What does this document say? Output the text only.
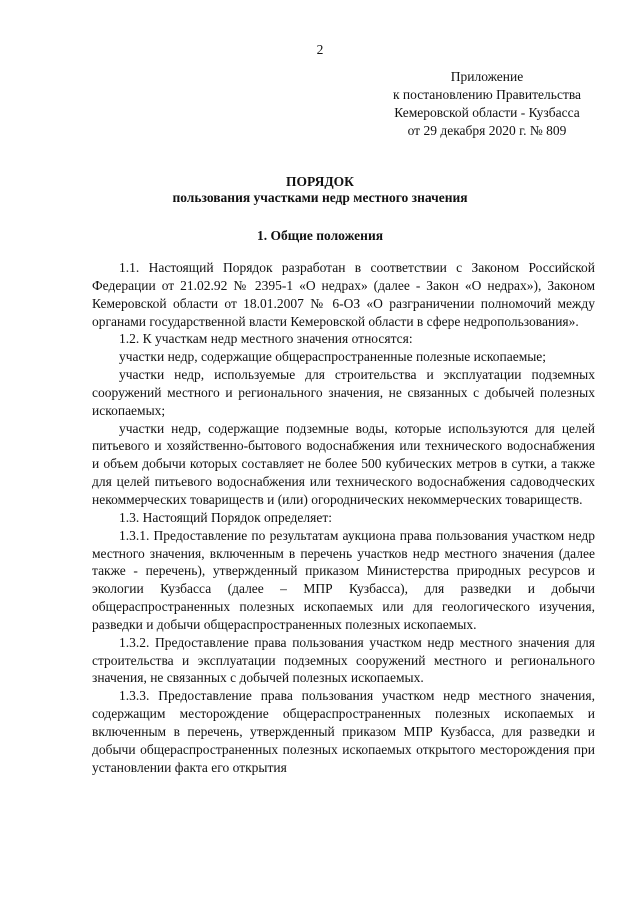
2
Приложение
к постановлению Правительства
Кемеровской области - Кузбасса
от 29 декабря 2020 г. № 809
ПОРЯДОК
пользования участками недр местного значения
1. Общие положения

1.1. Настоящий Порядок разработан в соответствии с Законом Российской Федерации от 21.02.92 № 2395-1 «О недрах» (далее - Закон «О недрах»), Законом Кемеровской области от 18.01.2007 № 6-ОЗ «О разграничении полномочий между органами государственной власти Кемеровской области в сфере недропользования».

1.2. К участкам недр местного значения относятся:

участки недр, содержащие общераспространенные полезные ископаемые;

участки недр, используемые для строительства и эксплуатации подземных сооружений местного и регионального значения, не связанных с добычей полезных ископаемых;

участки недр, содержащие подземные воды, которые используются для целей питьевого и хозяйственно-бытового водоснабжения или технического водоснабжения и объем добычи которых составляет не более 500 кубических метров в сутки, а также для целей питьевого водоснабжения или технического водоснабжения садоводческих некоммерческих товариществ и (или) огороднических некоммерческих товариществ.

1.3. Настоящий Порядок определяет:

1.3.1. Предоставление по результатам аукциона права пользования участком недр местного значения, включенным в перечень участков недр местного значения (далее также - перечень), утвержденный приказом Министерства природных ресурсов и экологии Кузбасса (далее – МПР Кузбасса), для разведки и добычи общераспространенных полезных ископаемых или для геологического изучения, разведки и добычи общераспространенных полезных ископаемых.

1.3.2. Предоставление права пользования участком недр местного значения для строительства и эксплуатации подземных сооружений местного и регионального значения, не связанных с добычей полезных ископаемых.

1.3.3. Предоставление права пользования участком недр местного значения, содержащим месторождение общераспространенных полезных ископаемых и включенным в перечень, утвержденный приказом МПР Кузбасса, для разведки и добычи общераспространенных полезных ископаемых открытого месторождения при установлении факта его открытия
